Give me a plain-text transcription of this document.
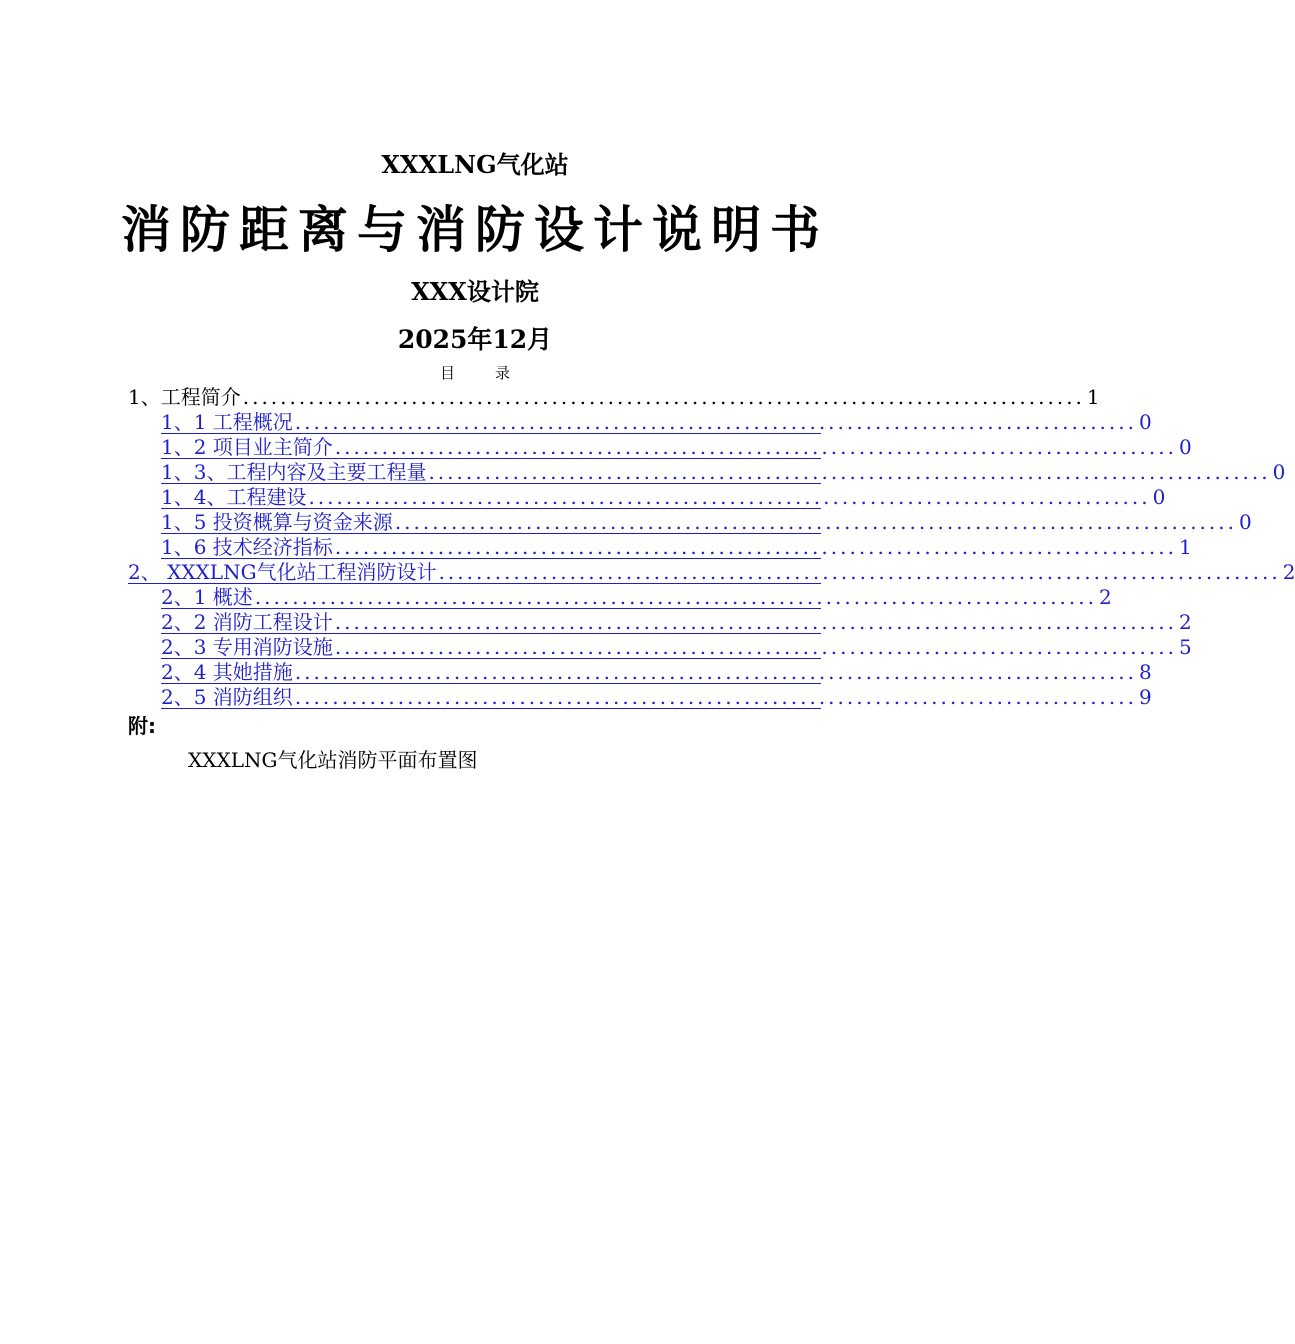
XXXLNG气化站
消防距离与消防设计说明书
XXX设计院
2025年12月
目录
1、工程简介 .......................................................................................... 1
1、1 工程概况 .......................................................................................... 0
1、2 项目业主简介 .......................................................................................... 0
1、3、工程内容及主要工程量 .......................................................................................... 0
1、4、工程建设 .......................................................................................... 0
1、5 投资概算与资金来源 .......................................................................................... 0
1、6 技术经济指标 .......................................................................................... 1
2、 XXXLNG气化站工程消防设计 .......................................................................................... 2
2、1 概述 .......................................................................................... 2
2、2 消防工程设计 .......................................................................................... 2
2、3 专用消防设施 .......................................................................................... 5
2、4 其她措施 .......................................................................................... 8
2、5 消防组织 .......................................................................................... 9
附:
XXXLNG气化站消防平面布置图
